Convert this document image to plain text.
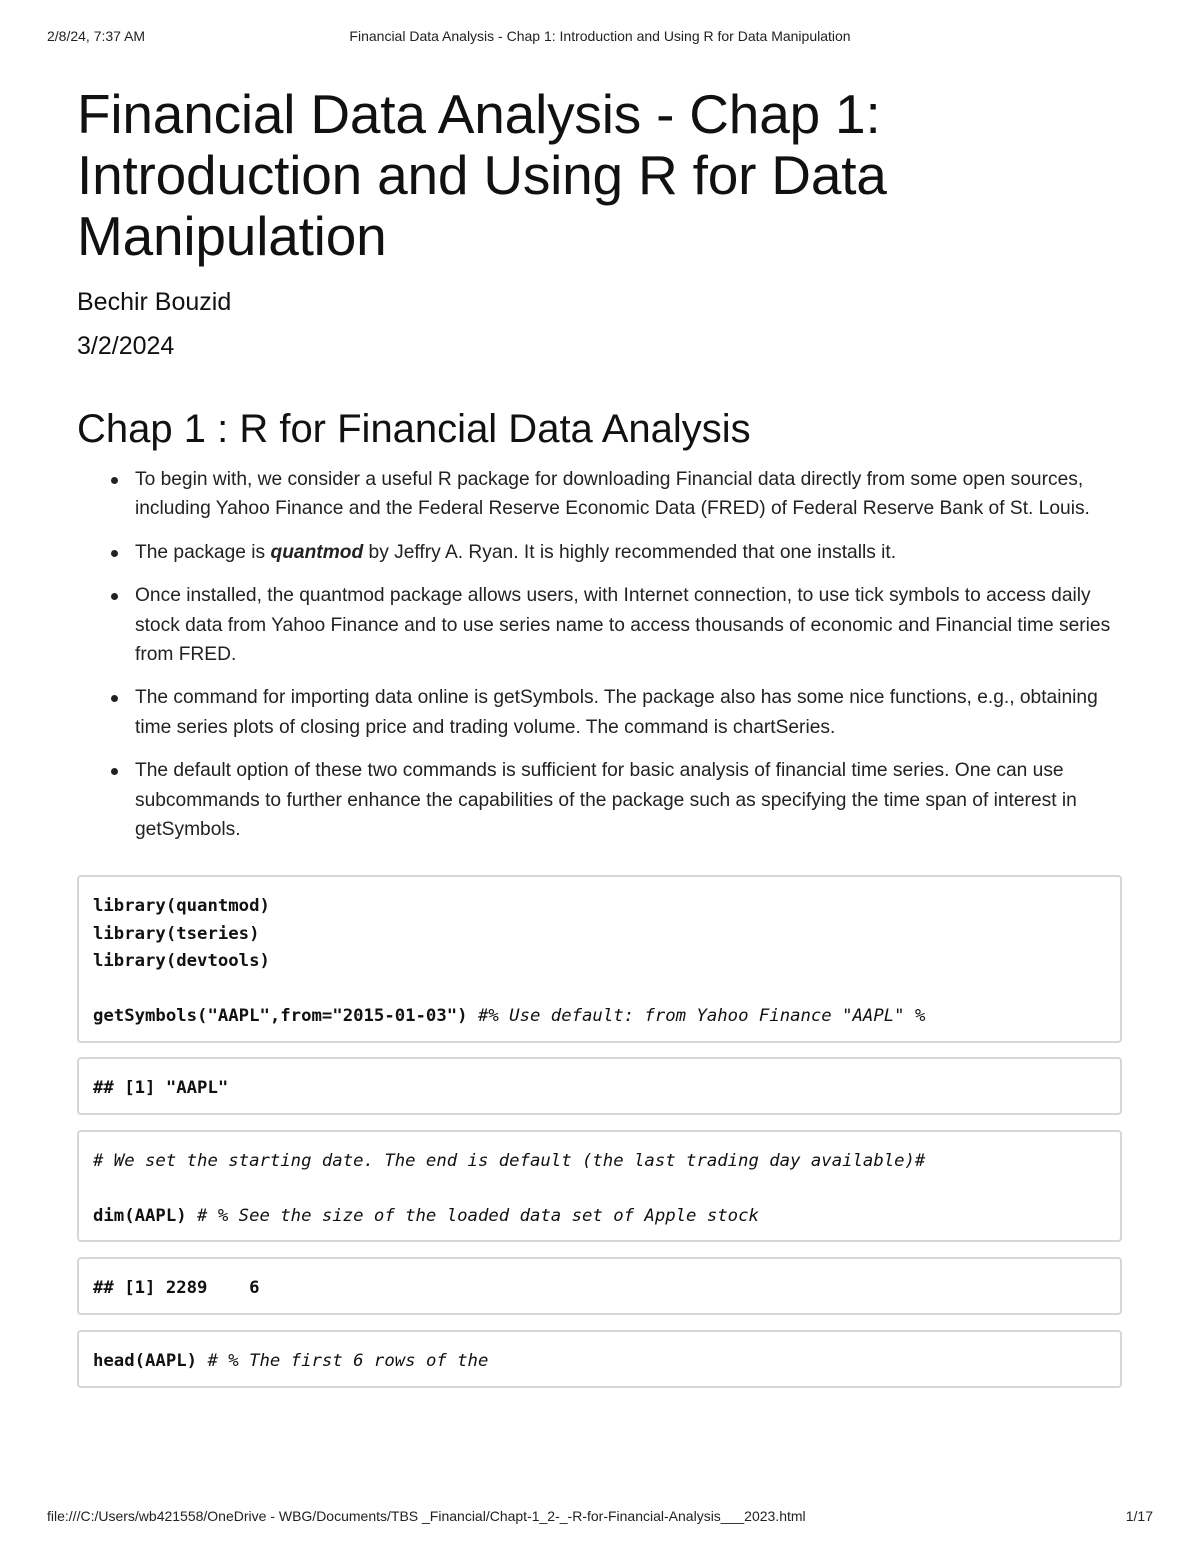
2/8/24, 7:37 AM	Financial Data Analysis - Chap 1: Introduction and Using R for Data Manipulation
Financial Data Analysis - Chap 1: Introduction and Using R for Data Manipulation
Bechir Bouzid
3/2/2024
Chap 1 : R for Financial Data Analysis
To begin with, we consider a useful R package for downloading Financial data directly from some open sources, including Yahoo Finance and the Federal Reserve Economic Data (FRED) of Federal Reserve Bank of St. Louis.
The package is quantmod by Jeffry A. Ryan. It is highly recommended that one installs it.
Once installed, the quantmod package allows users, with Internet connection, to use tick symbols to access daily stock data from Yahoo Finance and to use series name to access thousands of economic and Financial time series from FRED.
The command for importing data online is getSymbols. The package also has some nice functions, e.g., obtaining time series plots of closing price and trading volume. The command is chartSeries.
The default option of these two commands is sufficient for basic analysis of financial time series. One can use subcommands to further enhance the capabilities of the package such as specifying the time span of interest in getSymbols.
library(quantmod)
library(tseries)
library(devtools)
getSymbols("AAPL",from="2015-01-03") #% Use default: from Yahoo Finance "AAPL" %
## [1] "AAPL"
# We set the starting date. The end is default (the last trading day available)#
dim(AAPL) # % See the size of the loaded data set of Apple stock
## [1] 2289    6
head(AAPL) # % The first 6 rows of the
file:///C:/Users/wb421558/OneDrive - WBG/Documents/TBS _Financial/Chapt-1_2-_-R-for-Financial-Analysis___2023.html	1/17
